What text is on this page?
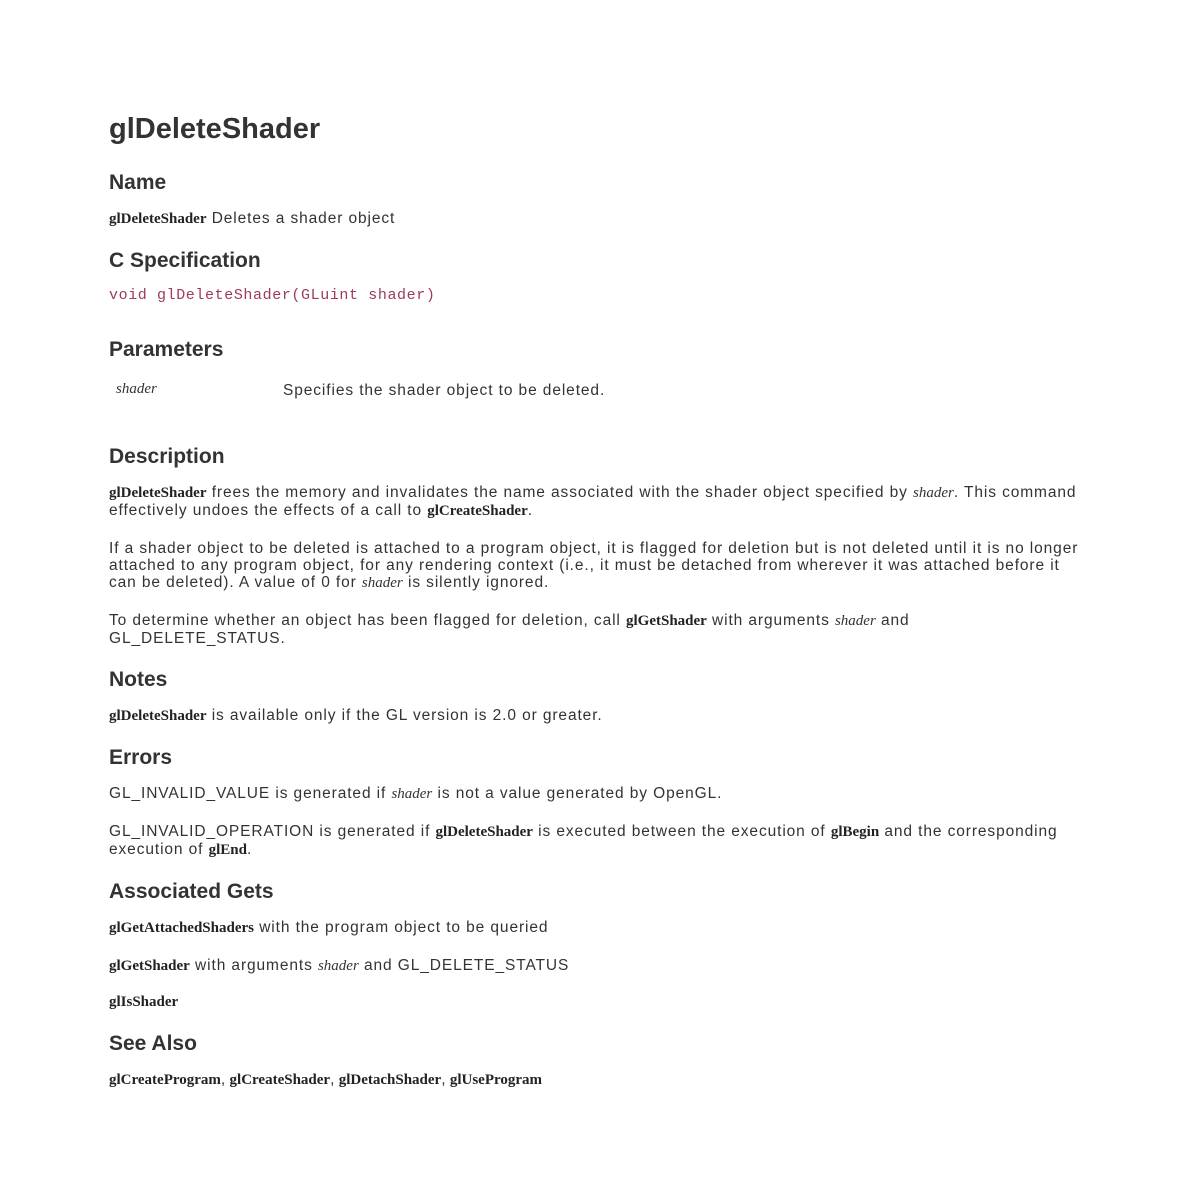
glDeleteShader
Name

glDeleteShader Deletes a shader object

C Specification

void glDeleteShader(GLuint shader)

Parameters
shader	Specifies the shader object to be deleted.

Description

glDeleteShader frees the memory and invalidates the name associated with the shader object specified by shader. This command effectively undoes the effects of a call to glCreateShader.

If a shader object to be deleted is attached to a program object, it is flagged for deletion but is not deleted until it is no longer attached to any program object, for any rendering context (i.e., it must be detached from wherever it was attached before it can be deleted). A value of 0 for shader is silently ignored.

To determine whether an object has been flagged for deletion, call glGetShader with arguments shader and GL_DELETE_STATUS.

Notes

glDeleteShader is available only if the GL version is 2.0 or greater.

Errors

GL_INVALID_VALUE is generated if shader is not a value generated by OpenGL.

GL_INVALID_OPERATION is generated if glDeleteShader is executed between the execution of glBegin and the corresponding execution of glEnd.

Associated Gets

glGetAttachedShaders with the program object to be queried

glGetShader with arguments shader and GL_DELETE_STATUS

glIsShader

See Also

glCreateProgram, glCreateShader, glDetachShader, glUseProgram
